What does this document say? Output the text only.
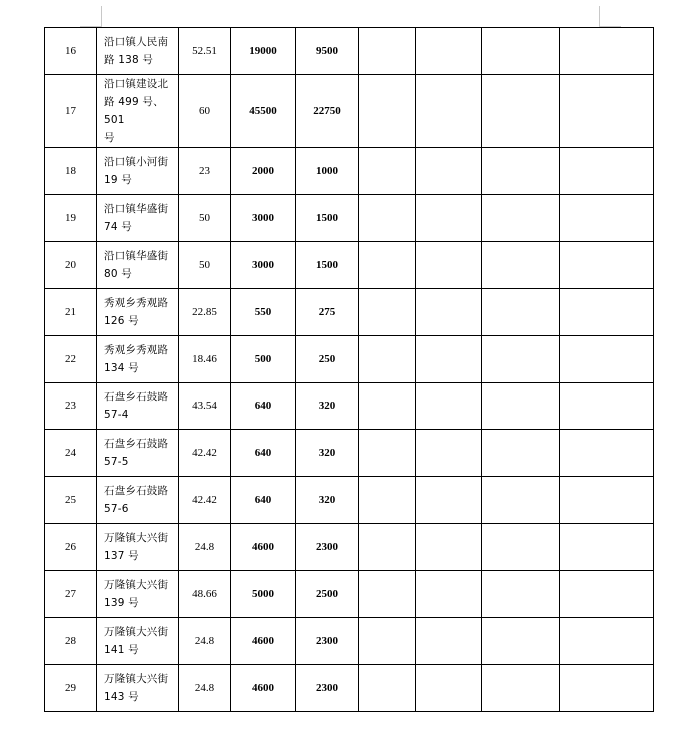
16	沿口镇人民南
路 138 号	52.51	19000	9500				
17	沿口镇建设北
路 499 号、501
号	60	45500	22750				
18	沿口镇小河街
19 号	23	2000	1000				
19	沿口镇华盛街
74 号	50	3000	1500				
20	沿口镇华盛街
80 号	50	3000	1500				
21	秀观乡秀观路
126 号	22.85	550	275				
22	秀观乡秀观路
134 号	18.46	500	250				
23	石盘乡石鼓路
57-4	43.54	640	320				
24	石盘乡石鼓路
57-5	42.42	640	320				
25	石盘乡石鼓路
57-6	42.42	640	320				
26	万隆镇大兴街
137 号	24.8	4600	2300				
27	万隆镇大兴街
139 号	48.66	5000	2500				
28	万隆镇大兴街
141 号	24.8	4600	2300				
29	万隆镇大兴街
143 号	24.8	4600	2300				
